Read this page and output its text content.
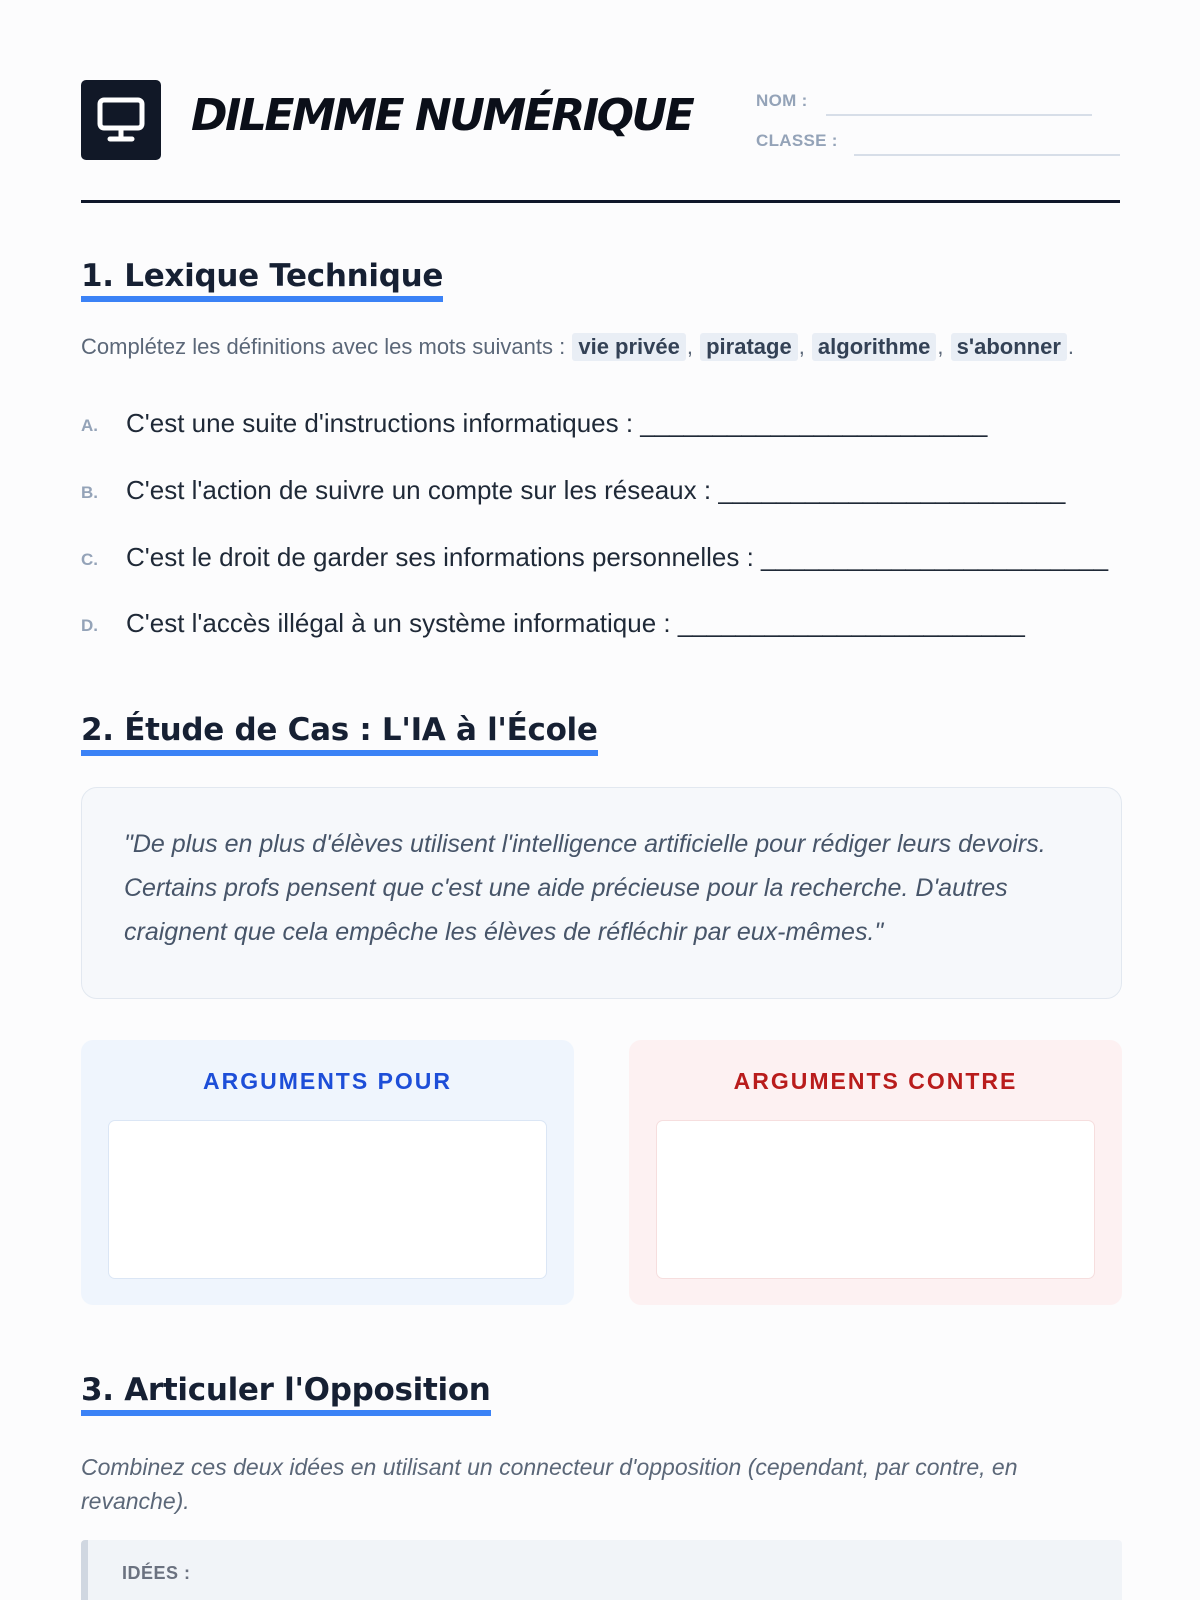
DILEMME NUMÉRIQUE	NOM :
CLASSE :
1. Lexique Technique
Complétez les définitions avec les mots suivants : vie privée , piratage , algorithme , s'abonner .
A. C'est une suite d'instructions informatiques : ________________________
B. C'est l'action de suivre un compte sur les réseaux : ________________________
C. C'est le droit de garder ses informations personnelles : ________________________
D. C'est l'accès illégal à un système informatique : ________________________
2. Étude de Cas : L'IA à l'École

"De plus en plus d'élèves utilisent l'intelligence artificielle pour rédiger leurs devoirs. Certains profs pensent que c'est une aide précieuse pour la recherche. D'autres craignent que cela empêche les élèves de réfléchir par eux-mêmes."

ARGUMENTS POUR	ARGUMENTS CONTRE
3. Articuler l'Opposition

Combinez ces deux idées en utilisant un connecteur d'opposition (cependant, par contre, en revanche).

IDÉES :
